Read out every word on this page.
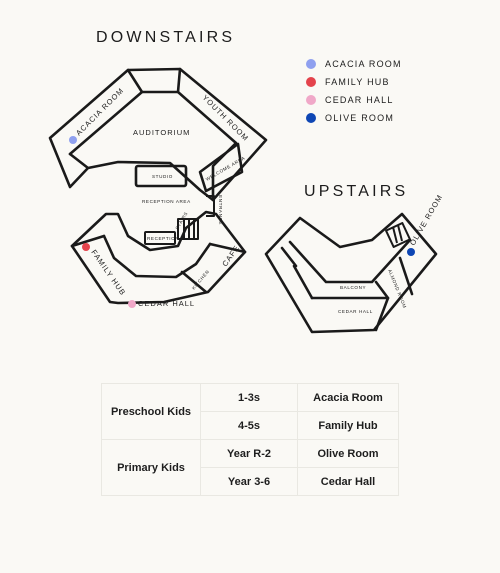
DOWNSTAIRS
UPSTAIRS
ACACIA ROOM
FAMILY HUB
CEDAR HALL
OLIVE ROOM
ACACIA ROOM	YOUTH ROOM
AUDITORIUM
STUDIO	WELCOME AREA
RECEPTION AREA	ENTRANCE
RECEPTION
STAIRS
FAMILY HUB	KITCHEN
CAFE
CEDAR HALL
BALCONY	ALMOND ROOM
CEDAR HALL
OLIVE ROOM
Preschool Kids	1-3s	Acacia Room
	4-5s	Family Hub
Primary Kids	Year R-2	Olive Room
	Year 3-6	Cedar Hall
